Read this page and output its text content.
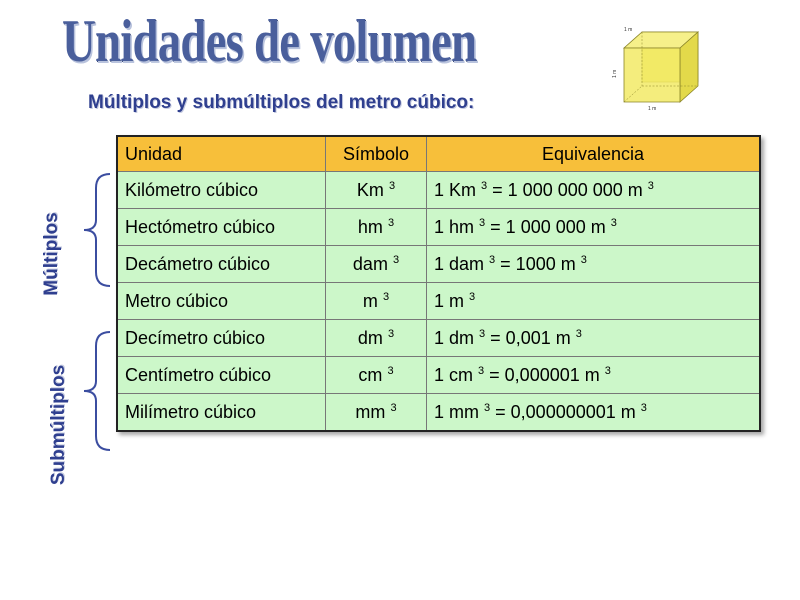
Unidades de volumen
Múltiplos y submúltiplos del metro cúbico:
1 m
1 m
1 m
Múltiplos
Submúltiplos
Unidad	Símbolo	Equivalencia
Kilómetro cúbico	Km $^3$	1 Km $^3$ = 1 000 000 000 m $^3$
Hectómetro cúbico	hm $^3$	1 hm $^3$ = 1 000 000 m $^3$
Decámetro cúbico	dam $^3$	1 dam $^3$ = 1000 m $^3$
Metro cúbico	m $^3$	1 m $^3$
Decímetro cúbico	dm $^3$	1 dm $^3$ = 0,001 m $^3$
Centímetro cúbico	cm $^3$	1 cm $^3$ = 0,000001 m $^3$
Milímetro cúbico	mm $^3$	1 mm $^3$ = 0,000000001 m $^3$
